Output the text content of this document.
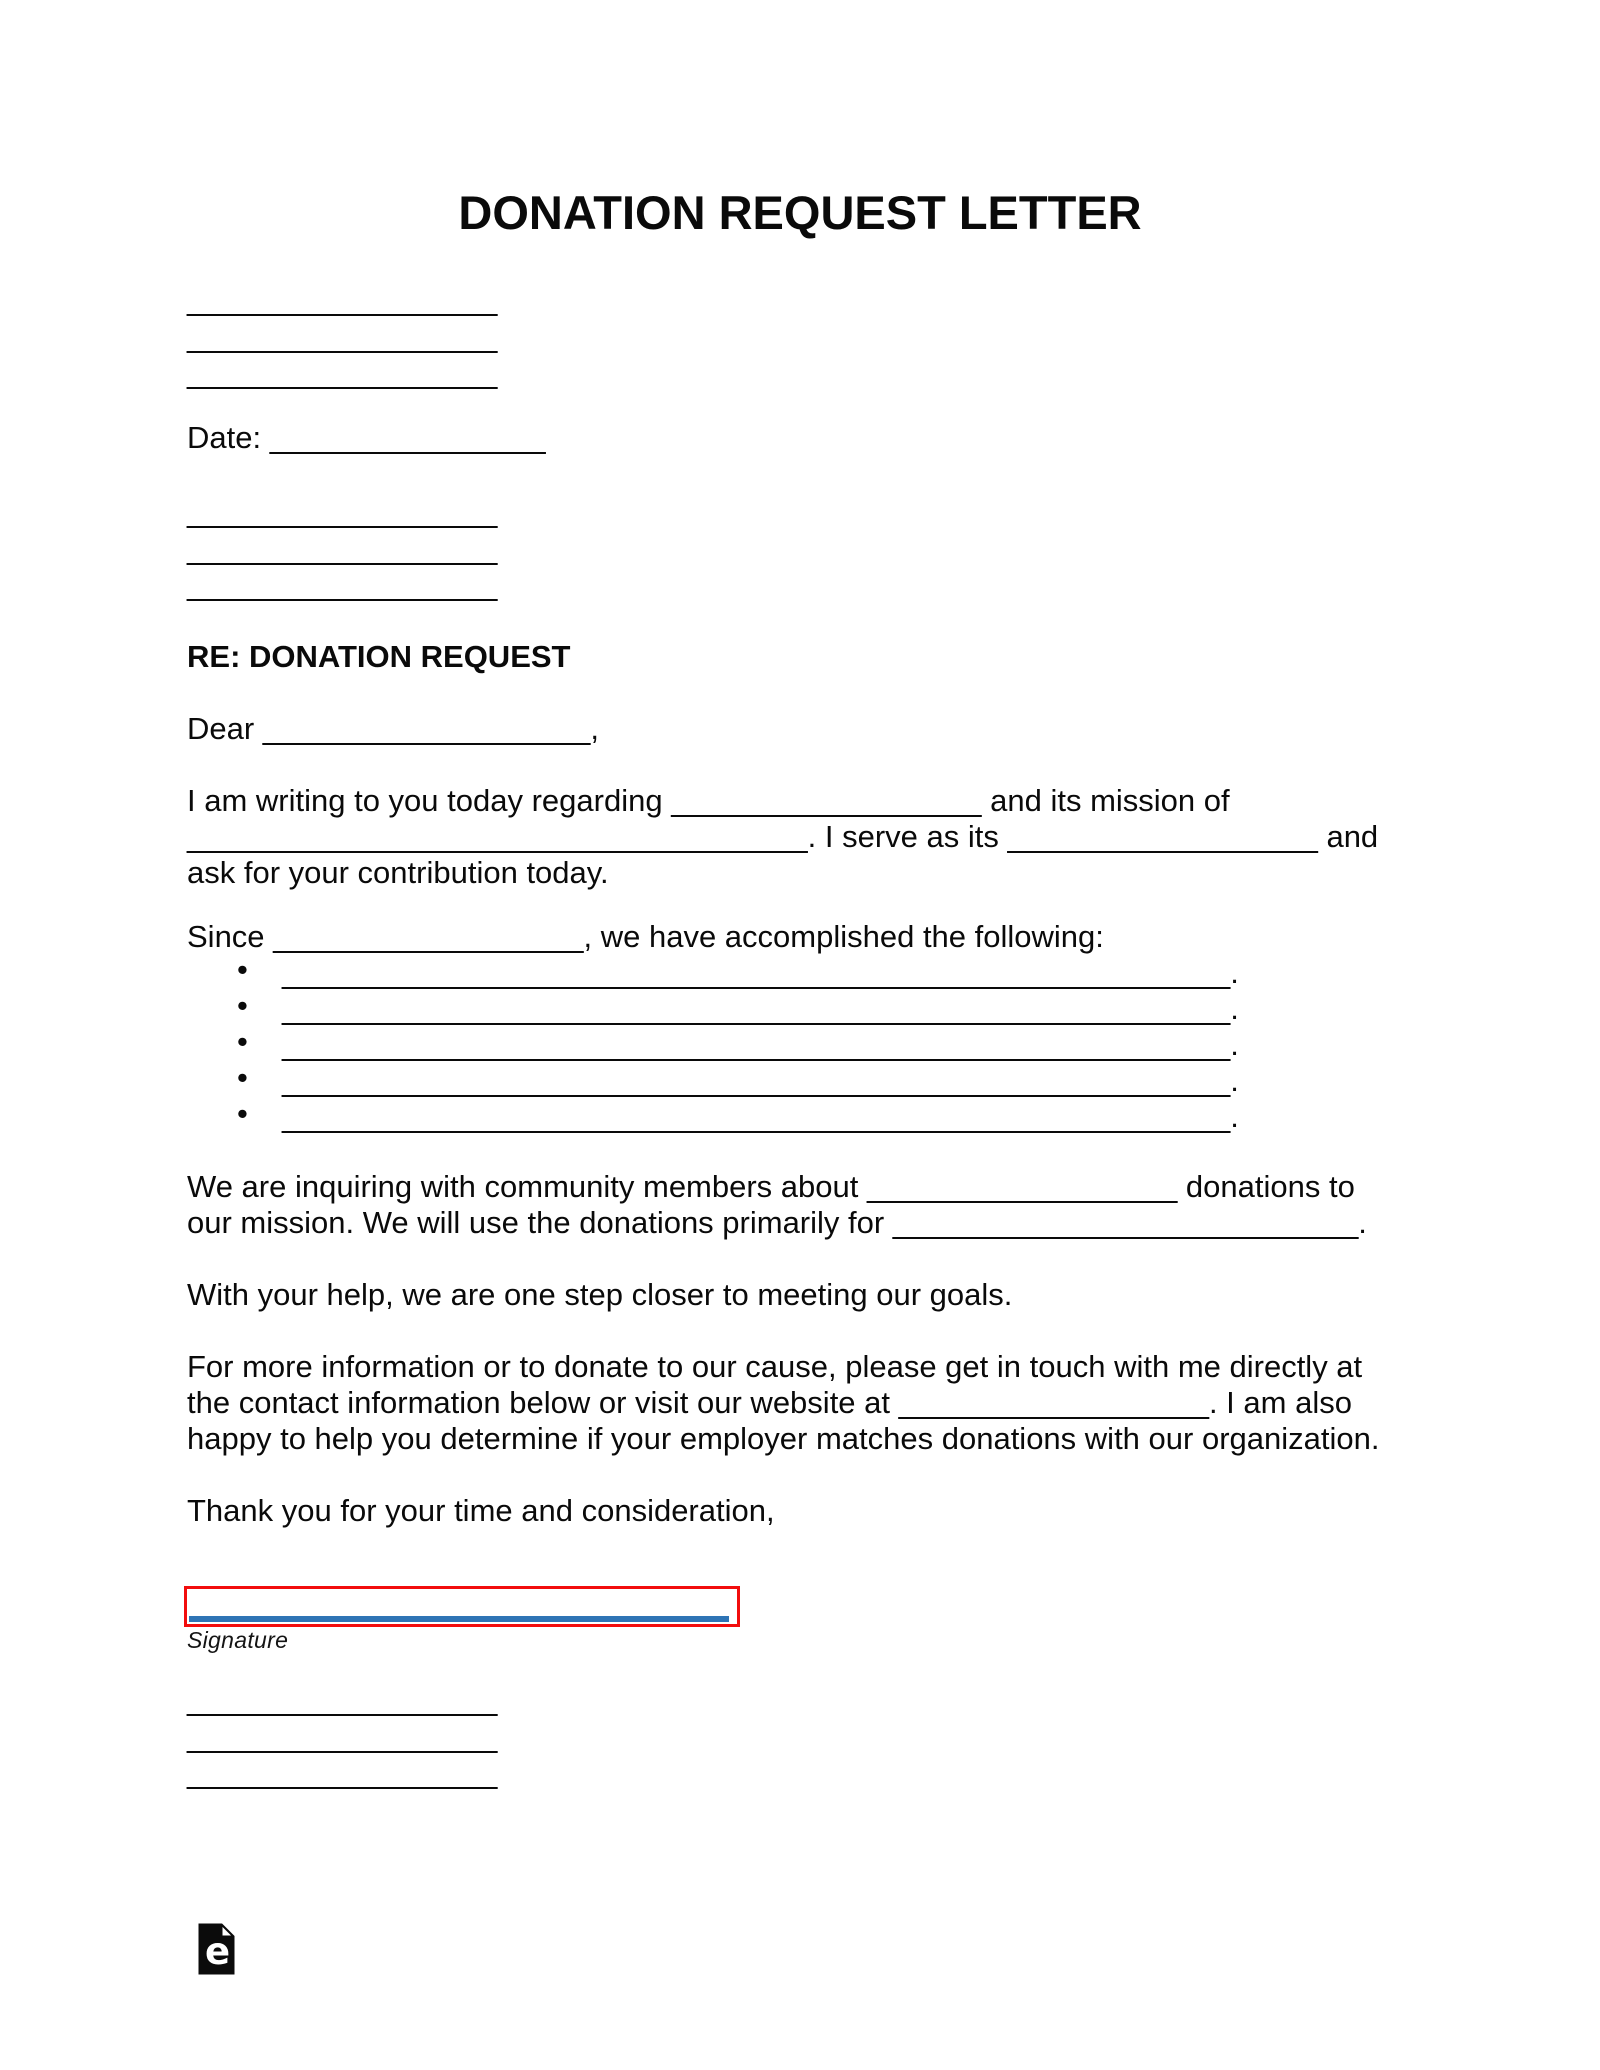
DONATION REQUEST LETTER
__________________
__________________
__________________
Date: ________________
__________________
__________________
__________________
RE: DONATION REQUEST
Dear ___________________,
I am writing to you today regarding __________________ and its mission of
____________________________________. I serve as its __________________ and
ask for your contribution today.
Since __________________, we have accomplished the following:
• _______________________________________________________.
• _______________________________________________________.
• _______________________________________________________.
• _______________________________________________________.
• _______________________________________________________.
We are inquiring with community members about __________________ donations to
our mission. We will use the donations primarily for ___________________________.
With your help, we are one step closer to meeting our goals.
For more information or to donate to our cause, please get in touch with me directly at
the contact information below or visit our website at __________________. I am also
happy to help you determine if your employer matches donations with our organization.
Thank you for your time and consideration,
Signature
__________________
__________________
__________________
e
